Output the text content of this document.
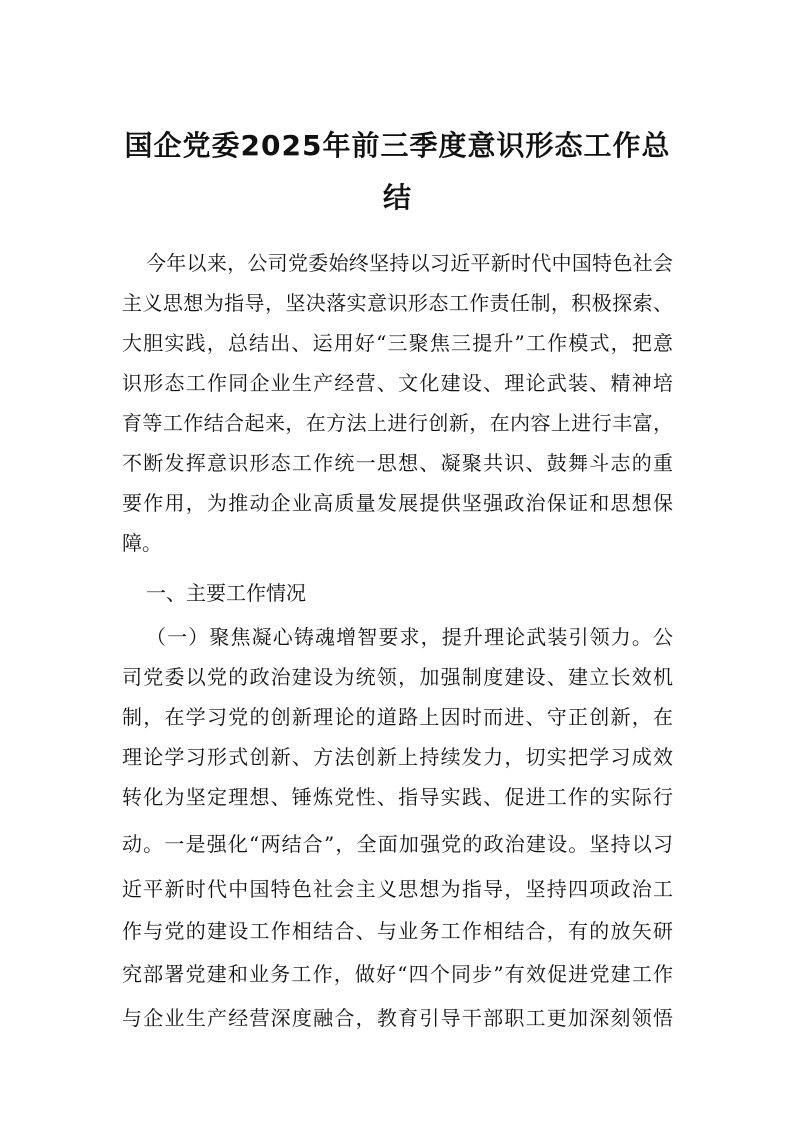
国企党委2025年前三季度意识形态工作总
结
今年以来，公司党委始终坚持以习近平新时代中国特色社会
主义思想为指导，坚决落实意识形态工作责任制，积极探索、
大胆实践，总结出、运用好“三聚焦三提升”工作模式，把意
识形态工作同企业生产经营、文化建设、理论武装、精神培
育等工作结合起来，在方法上进行创新，在内容上进行丰富，
不断发挥意识形态工作统一思想、凝聚共识、鼓舞斗志的重
要作用，为推动企业高质量发展提供坚强政治保证和思想保
障。
一、主要工作情况
（一）聚焦凝心铸魂增智要求，提升理论武装引领力。公
司党委以党的政治建设为统领，加强制度建设、建立长效机
制，在学习党的创新理论的道路上因时而进、守正创新，在
理论学习形式创新、方法创新上持续发力，切实把学习成效
转化为坚定理想、锤炼党性、指导实践、促进工作的实际行
动。一是强化“两结合”，全面加强党的政治建设。坚持以习
近平新时代中国特色社会主义思想为指导，坚持四项政治工
作与党的建设工作相结合、与业务工作相结合，有的放矢研
究部署党建和业务工作，做好“四个同步”有效促进党建工作
与企业生产经营深度融合，教育引导干部职工更加深刻领悟
